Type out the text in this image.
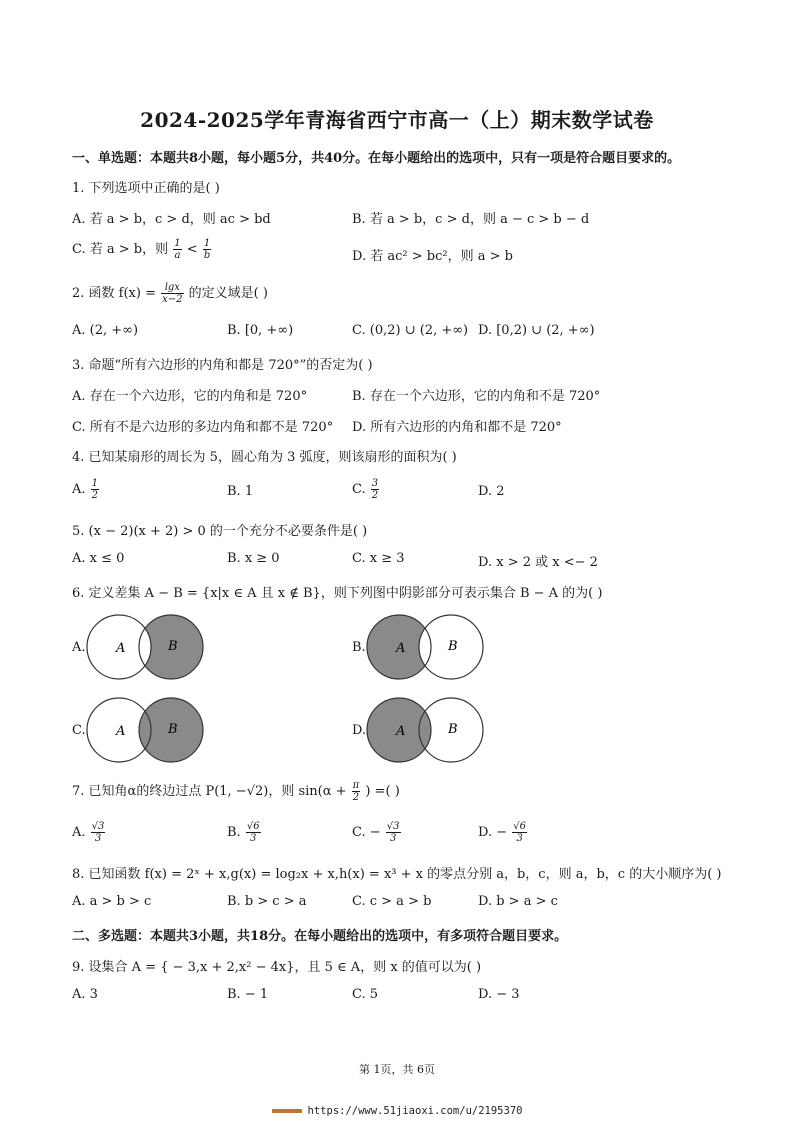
2024-2025学年青海省西宁市高一（上）期末数学试卷
一、单选题：本题共8小题，每小题5分，共40分。在每小题给出的选项中，只有一项是符合题目要求的。
1. 下列选项中正确的是( )
A. 若 a > b，c > d，则 ac > bd	B. 若 a > b，c > d，则 a − c > b − d
C. 若 a > b，则 $\frac{1}{a} < \frac{1}{b}$	D. 若 ac² > bc²，则 a > b
2. 函数 $f(x) = \frac{\lg x}{x-2}$ 的定义域是( )
A. (2, +∞)	B. [0, +∞)	C. (0,2) ∪ (2, +∞) D. [0,2) ∪ (2, +∞)
3. 命题“所有六边形的内角和都是 720°”的否定为( )
A. 存在一个六边形，它的内角和是 720°	B. 存在一个六边形，它的内角和不是 720°
C. 所有不是六边形的多边内角和都不是 720° D. 所有六边形的内角和都不是 720°
4. 已知某扇形的周长为 5，圆心角为 3 弧度，则该扇形的面积为( )
A. $\frac{1}{2}$	B. 1	C. $\frac{3}{2}$	D. 2
5. (x − 2)(x + 2) > 0 的一个充分不必要条件是( )
A. x ≤ 0	B. x ≥ 0	C. x ≥ 3	D. x > 2 或 x <− 2
6. 定义差集 A − B = {x|x ∈ A 且 x ∉ B}，则下列图中阴影部分可表示集合 B − A 的为( )
A. A	B	B. A	B
C. A	B	D. A	B
7. 已知角α的终边过点 P(1, −√2)，则 $\sin(\alpha + \frac{\pi}{2}$ ) =( )
A. $\frac{√3}{3}$	B. $\frac{√6}{3}$	C. − $\frac{√3}{3}$	D. − $\frac{√6}{3}$
8. 已知函数 f(x) = 2ˣ + x,g(x) = log₂x + x,h(x) = x³ + x 的零点分别 a，b，c，则 a，b，c 的大小顺序为( )
A. a > b > c	B. b > c > a	C. c > a > b	D. b > a > c
二、多选题：本题共3小题，共18分。在每小题给出的选项中，有多项符合题目要求。
9. 设集合 A = { − 3,x + 2,x² − 4x}，且 5 ∈ A，则 x 的值可以为( )
A. 3	B. − 1	C. 5	D. − 3
第 1页，共 6页
https://www.51jiaoxi.com/u/2195370
